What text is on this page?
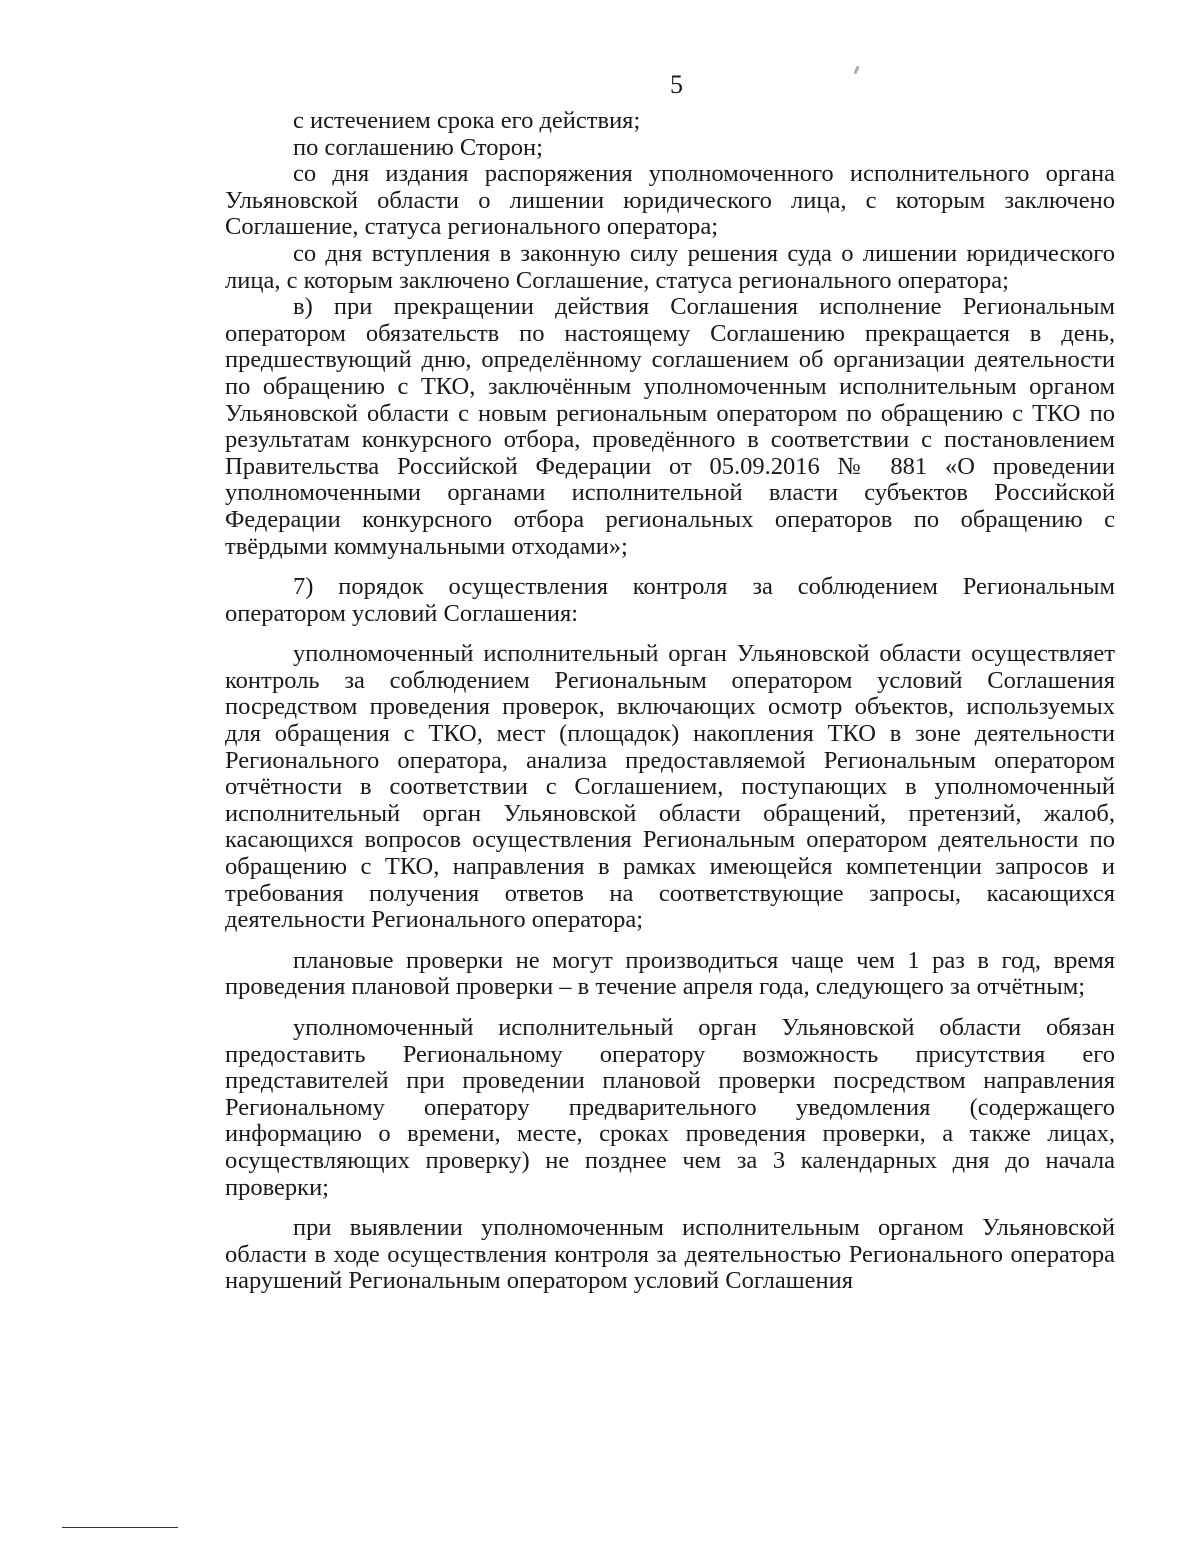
5

с истечением срока его действия;

по соглашению Сторон;

со дня издания распоряжения уполномоченного исполнительного органа Ульяновской области о лишении юридического лица, с которым заключено Соглашение, статуса регионального оператора;

со дня вступления в законную силу решения суда о лишении юридического лица, с которым заключено Соглашение, статуса регионального оператора;

в) при прекращении действия Соглашения исполнение Региональным оператором обязательств по настоящему Соглашению прекращается в день, предшествующий дню, определённому соглашением об организации деятельности по обращению с ТКО, заключённым уполномоченным исполнительным органом Ульяновской области с новым региональным оператором по обращению с ТКО по результатам конкурсного отбора, проведённого в соответствии с постановлением Правительства Российской Федерации от 05.09.2016 № 881 «О проведении уполномоченными органами исполнительной власти субъектов Российской Федерации конкурсного отбора региональных операторов по обращению с твёрдыми коммунальными отходами»;

7) порядок осуществления контроля за соблюдением Региональным оператором условий Соглашения:

уполномоченный исполнительный орган Ульяновской области осуществляет контроль за соблюдением Региональным оператором условий Соглашения посредством проведения проверок, включающих осмотр объектов, используемых для обращения с ТКО, мест (площадок) накопления ТКО в зоне деятельности Регионального оператора, анализа предоставляемой Региональным оператором отчётности в соответствии с Соглашением, поступающих в уполномоченный исполнительный орган Ульяновской области обращений, претензий, жалоб, касающихся вопросов осуществления Региональным оператором деятельности по обращению с ТКО, направления в рамках имеющейся компетенции запросов и требования получения ответов на соответствующие запросы, касающихся деятельности Регионального оператора;

плановые проверки не могут производиться чаще чем 1 раз в год, время проведения плановой проверки – в течение апреля года, следующего за отчётным;

уполномоченный исполнительный орган Ульяновской области обязан предоставить Региональному оператору возможность присутствия его представителей при проведении плановой проверки посредством направления Региональному оператору предварительного уведомления (содержащего информацию о времени, месте, сроках проведения проверки, а также лицах, осуществляющих проверку) не позднее чем за 3 календарных дня до начала проверки;

при выявлении уполномоченным исполнительным органом Ульяновской области в ходе осуществления контроля за деятельностью Регионального оператора нарушений Региональным оператором условий Соглашения
